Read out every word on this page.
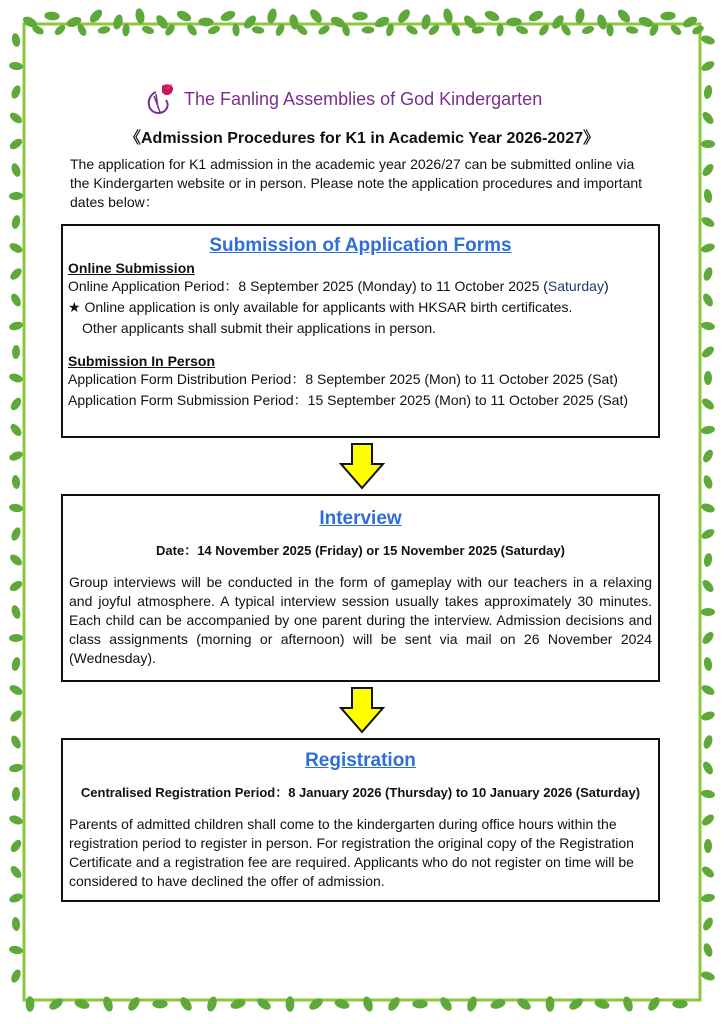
The Fanling Assemblies of God Kindergarten
《Admission Procedures for K1 in Academic Year 2026-2027》
The application for K1 admission in the academic year 2026/27 can be submitted online via
the Kindergarten website or in person. Please note the application procedures and important
dates below：
Submission of Application Forms
Online Submission
Online Application Period：8 September 2025 (Monday) to 11 October 2025 (Saturday)
★ Online application is only available for applicants with HKSAR birth certificates.
Other applicants shall submit their applications in person.
Submission In Person
Application Form Distribution Period：8 September 2025 (Mon) to 11 October 2025 (Sat)
Application Form Submission Period：15 September 2025 (Mon) to 11 October 2025 (Sat)
Interview
Date：14 November 2025 (Friday) or 15 November 2025 (Saturday)
Group interviews will be conducted in the form of gameplay with our teachers in a relaxing and joyful atmosphere. A typical interview session usually takes approximately 30 minutes. Each child can be accompanied by one parent during the interview. Admission decisions and class assignments (morning or afternoon) will be sent via mail on 26 November 2024 (Wednesday).
Registration
Centralised Registration Period：8 January 2026 (Thursday) to 10 January 2026 (Saturday)
Parents of admitted children shall come to the kindergarten during office hours within the registration period to register in person. For registration the original copy of the Registration Certificate and a registration fee are required. Applicants who do not register on time will be considered to have declined the offer of admission.
